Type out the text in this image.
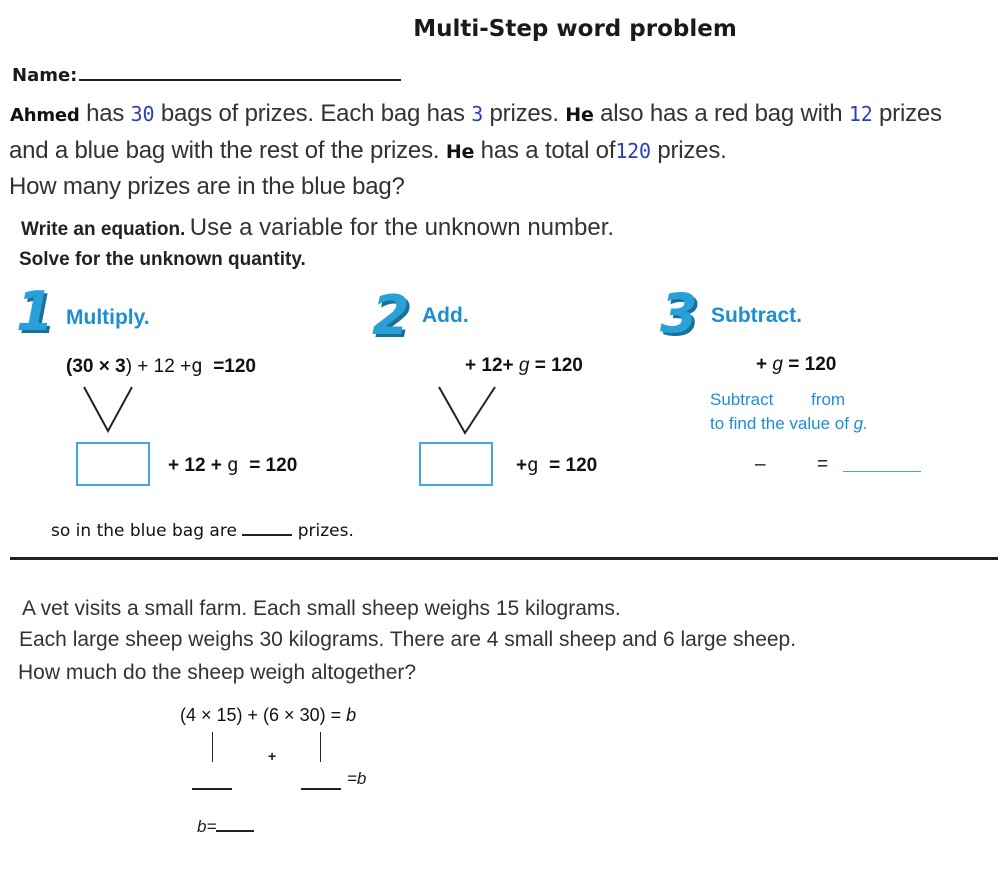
Multi-Step word problem
Name:
Ahmed has 30 bags of prizes. Each bag has 3 prizes. He also has a red bag with 12 prizes
and a blue bag with the rest of the prizes. He has a total of120 prizes.
How many prizes are in the blue bag?
Write an equation. Use a variable for the unknown number.
Solve for the unknown quantity.
1 Multiply.
(30 × 3) + 12 +g =120
+ 12 + g = 120
2 Add.
+ 12+ g = 120
+g = 120
3 Subtract.
+ g = 120
Subtract        from
to find the value of g.
–	=
so in the blue bag are	prizes.
A vet visits a small farm. Each small sheep weighs 15 kilograms.
Each large sheep weighs 30 kilograms. There are 4 small sheep and 6 large sheep.
How much do the sheep weigh altogether?
(4 × 15) + (6 × 30) = b
+
=b
b=
